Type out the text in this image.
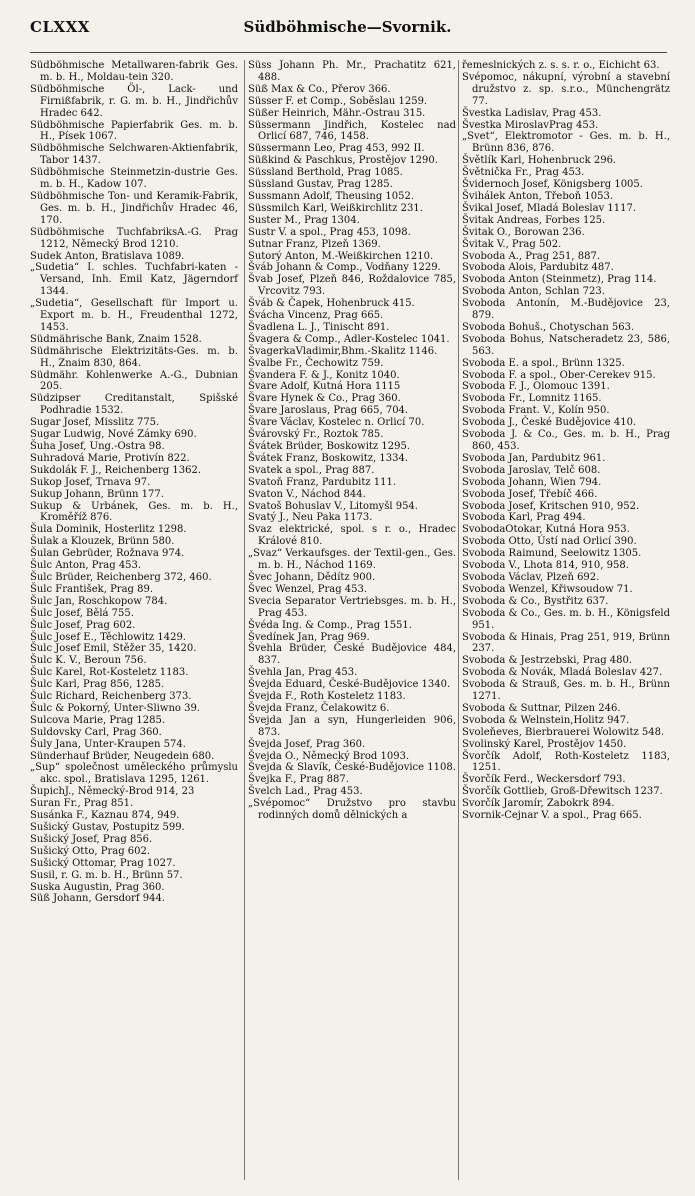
CLXXX	Südböhmische—Svornik.
Südböhmische Metallwaren-fabrik Ges. m. b. H., Moldau-tein 320.
Südböhmische Öl-, Lack- und Firnißfabrik, r. G. m. b. H., Jindřichův Hradec 642.
Südböhmische Papierfabrik Ges. m. b. H., Písek 1067.
Südböhmische Selchwaren-Aktienfabrik, Tabor 1437.
Südböhmische Steinmetzin-dustrie Ges. m. b. H., Kadow 107.
Südböhmische Ton- und Keramik-Fabrik, Ges. m. b. H., Jindřichův Hradec 46, 170.
Südböhmische TuchfabriksA.-G. Prag 1212, Německý Brod 1210.
Sudek Anton, Bratislava 1089.
„Sudetia“ I. schles. Tuchfabri-katen - Versand, Inh. Emil Katz, Jägerndorf 1344.
„Sudetia“, Gesellschaft für Import u. Export m. b. H., Freudenthal 1272, 1453.
Südmährische Bank, Znaim 1528.
Südmährische Elektrizitäts-Ges. m. b. H., Znaim 830, 864.
Südmähr. Kohlenwerke A.-G., Dubnian 205.
Südzipser Creditanstalt, Spišské Podhradie 1532.
Sugar Josef, Misslitz 775.
Sugar Ludwig, Nové Zámky 690.
Šuha Josef, Ung.-Ostra 98.
Suhradová Marie, Protivín 822.
Sukdolák F. J., Reichenberg 1362.
Sukop Josef, Trnava 97.
Sukup Johann, Brünn 177.
Sukup & Urbánek, Ges. m. b. H., Kroměříž 876.
Šula Dominik, Hosterlitz 1298.
Šulak a Klouzek, Brünn 580.
Šulan Gebrüder, Rožnava 974.
Šulc Anton, Prag 453.
Šulc Brüder, Reichenberg 372, 460.
Šulc František, Prag 89.
Šulc Jan, Roschkopow 784.
Šulc Josef, Bělá 755.
Šulc Josef, Prag 602.
Šulc Josef E., Těchlowitz 1429.
Šulc Josef Emil, Stěžer 35, 1420.
Šulc K. V., Beroun 756.
Šulc Karel, Rot-Kosteletz 1183.
Šulc Karl, Prag 856, 1285.
Šulc Richard, Reichenberg 373.
Šulc & Pokorný, Unter-Sliwno 39.
Sulcova Marie, Prag 1285.
Suldovsky Carl, Prag 360.
Šuly Jana, Unter-Kraupen 574.
Sünderhauf Brüder, Neugedein 680.
„Sup“ společnost uměleckého průmyslu akc. spol., Bratislava 1295, 1261.
ŠupichJ., Německý-Brod 914, 23
Suran Fr., Prag 851.
Susánka F., Kaznau 874, 949.
Sušický Gustav, Postupitz 599.
Sušický Josef, Prag 856.
Sušický Otto, Prag 602.
Sušický Ottomar, Prag 1027.
Susil, r. G. m. b. H., Brünn 57.
Suska Augustin, Prag 360.
Süß Johann, Gersdorf 944.
Süss Johann Ph. Mr., Prachatitz 621, 488.
Süß Max & Co., Přerov 366.
Süsser F. et Comp., Soběslau 1259.
Süßer Heinrich, Mähr.-Ostrau 315.
Süssermann Jindřich, Kostelec nad Orlicí 687, 746, 1458.
Süssermann Leo, Prag 453, 992 II.
Süßkind & Paschkus, Prostějov 1290.
Süssland Berthold, Prag 1085.
Süssland Gustav, Prag 1285.
Sussmann Adolf, Theusing 1052.
Süssmilch Karl, Weißkirchlitz 231.
Suster M., Prag 1304.
Sustr V. a spol., Prag 453, 1098.
Sutnar Franz, Plzeň 1369.
Sutorý Anton, M.-Weißkirchen 1210.
Šváb Johann & Comp., Vodňany 1229.
Švab Josef, Plzeň 846, Roždalovice 785, Vrcovitz 793.
Šváb & Čapek, Hohenbruck 415.
Švácha Vincenz, Prag 665.
Švadlena L. J., Tinischt 891.
Švagera & Comp., Adler-Kostelec 1041.
ŠvagerkaVladimir,Bhm.-Skalitz 1146.
Švalbe Fr., Čechowitz 759.
Švandera F. & J., Konitz 1040.
Švare Adolf, Kutná Hora 1115
Švare Hynek & Co., Prag 360.
Švare Jaroslaus, Prag 665, 704.
Švare Václav, Kostelec n. Orlicí 70.
Švárovský Fr., Roztok 785.
Švátek Brüder, Boskowitz 1295.
Švátek Franz, Boskowitz, 1334.
Svatek a spol., Prag 887.
Svatoň Franz, Pardubitz 111.
Svaton V., Náchod 844.
Svatoš Bohuslav V., Litomyšl 954.
Svatý J., Neu Paka 1173.
Svaz elektrické, spol. s r. o., Hradec Králové 810.
„Svaz“ Verkaufsges. der Textil-gen., Ges. m. b. H., Náchod 1169.
Švec Johann, Dědítz 900.
Švec Wenzel, Prag 453.
Svecia Separator Vertriebsges. m. b. H., Prag 453.
Švéda Ing. & Comp., Prag 1551.
Švedínek Jan, Prag 969.
Švehla Brüder, České Budějovice 484, 837.
Švehla Jan, Prag 453.
Švejda Eduard, České-Budějovice 1340.
Švejda F., Roth Kosteletz 1183.
Švejda Franz, Čelakowitz 6.
Švejda Jan a syn, Hungerleiden 906, 873.
Švejda Josef, Prag 360.
Švejda O., Německý Brod 1093.
Švejda & Slavík, České-Budějovice 1108.
Švejka F., Prag 887.
Švelch Lad., Prag 453.
„Svépomoc“ Družstvo pro stavbu rodinných domů dělnických a
řemeslnických z. s. s. r. o., Eichicht 63.
Svépomoc, nákupní, výrobní a stavební družstvo z. sp. s.r.o., Münchengrätz 77.
Švestka Ladislav, Prag 453.
Švestka MiroslavPrag 453.
„Svet“, Elektromotor - Ges. m. b. H., Brünn 836, 876.
Švětlík Karl, Hohenbruck 296.
Švětnička Fr., Prag 453.
Švidernoch Josef, Königsberg 1005.
Švihálek Anton, Třeboň 1053.
Švikal Josef, Mladá Boleslav 1117.
Švitak Andreas, Forbes 125.
Švitak O., Borowan 236.
Švitak V., Prag 502.
Svoboda A., Prag 251, 887.
Svoboda Alois, Pardubitz 487.
Svoboda Anton (Steinmetz), Prag 114.
Svoboda Anton, Schlan 723.
Svoboda Antonín, M.-Budějovice 23, 879.
Svoboda Bohuš., Chotyschan 563.
Svoboda Bohus, Natscheradetz 23, 586, 563.
Svoboda E. a spol., Brünn 1325.
Svoboda F. a spol., Ober-Cerekev 915.
Svoboda F. J., Olomouc 1391.
Svoboda Fr., Lomnitz 1165.
Svoboda Frant. V., Kolín 950.
Svoboda J., České Budějovice 410.
Svoboda J. & Co., Ges. m. b. H., Prag 860, 453.
Svoboda Jan, Pardubitz 961.
Svoboda Jaroslav, Telč 608.
Svoboda Johann, Wien 794.
Svoboda Josef, Třebíč 466.
Svoboda Josef, Kritschen 910, 952.
Svoboda Karl, Prag 494.
SvobodaOtokar, Kutná Hora 953.
Svoboda Otto, Ústí nad Orlicí 390.
Svoboda Raimund, Seelowitz 1305.
Svoboda V., Lhota 814, 910, 958.
Svoboda Václav, Plzeň 692.
Svoboda Wenzel, Křiwsoudow 71.
Svoboda & Co., Bystřitz 637.
Svoboda & Co., Ges. m. b. H., Königsfeld 951.
Svoboda & Hinais, Prag 251, 919, Brünn 237.
Svoboda & Jestrzebski, Prag 480.
Svoboda & Novák, Mladá Boleslav 427.
Svoboda & Strauß, Ges. m. b. H., Brünn 1271.
Svoboda & Suttnar, Pilzen 246.
Svoboda & Welnstein,Holitz 947.
Svoleňeves, Bierbrauerei Wolowitz 548.
Svolinský Karel, Prostějov 1450.
Švorčík Adolf, Roth-Kosteletz 1183, 1251.
Švorčík Ferd., Weckersdorf 793.
Švorčík Gottlieb, Groß-Dřewitsch 1237.
Svorčík Jaromír, Zabokrk 894.
Svornik-Cejnar V. a spol., Prag 665.
